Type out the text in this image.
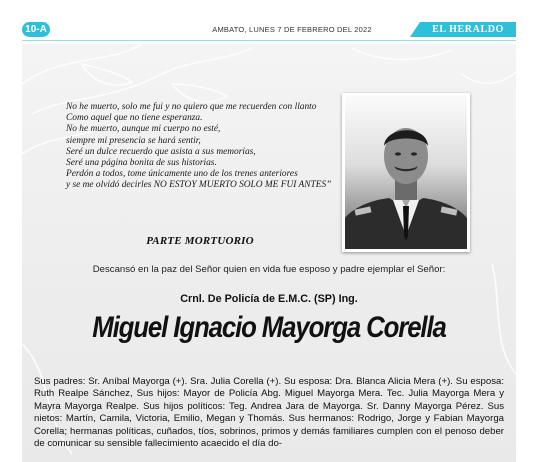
10-A	AMBATO, LUNES 7 DE FEBRERO DEL 2022	EL HERALDO
No he muerto, solo me fui y no quiero que me recuerden con llanto
Como aquel que no tiene esperanza.
No he muerto, aunque mi cuerpo no esté,
siempre mi presencia se hará sentir,
Seré un dulce recuerdo que asista a sus memorias,
Seré una página bonita de sus historias.
Perdón a todos, tome únicamente uno de los trenes anteriores
y se me olvidó decirles NO ESTOY MUERTO SOLO ME FUI ANTES”
PARTE MORTUORIO
Descansó en la paz del Señor quien en vida fue esposo y padre ejemplar el Señor:
Crnl. De Policía de E.M.C. (SP) Ing.
Miguel Ignacio Mayorga Corella
Sus padres: Sr. Aníbal Mayorga (+). Sra. Julia Corella (+). Su esposa: Dra. Blanca Alicia Mera (+). Su esposa: Ruth Realpe Sánchez, Sus hijos: Mayor de Policía Abg. Miguel Mayorga Mera. Tec. Julia Mayorga Mera y Mayra Mayorga Realpe. Sus hijos políticos: Teg. Andrea Jara de Mayorga. Sr. Danny Mayorga Pérez. Sus nietos: Martín, Camila, Victoria, Emilio, Megan y Thomás. Sus hermanos: Rodrigo, Jorge y Fabian Mayorga Corella; hermanas políticas, cuñados, tíos, sobrinos, primos y demás familiares cumplen con el penoso deber de comunicar su sensible fallecimiento acaecido el día do-
